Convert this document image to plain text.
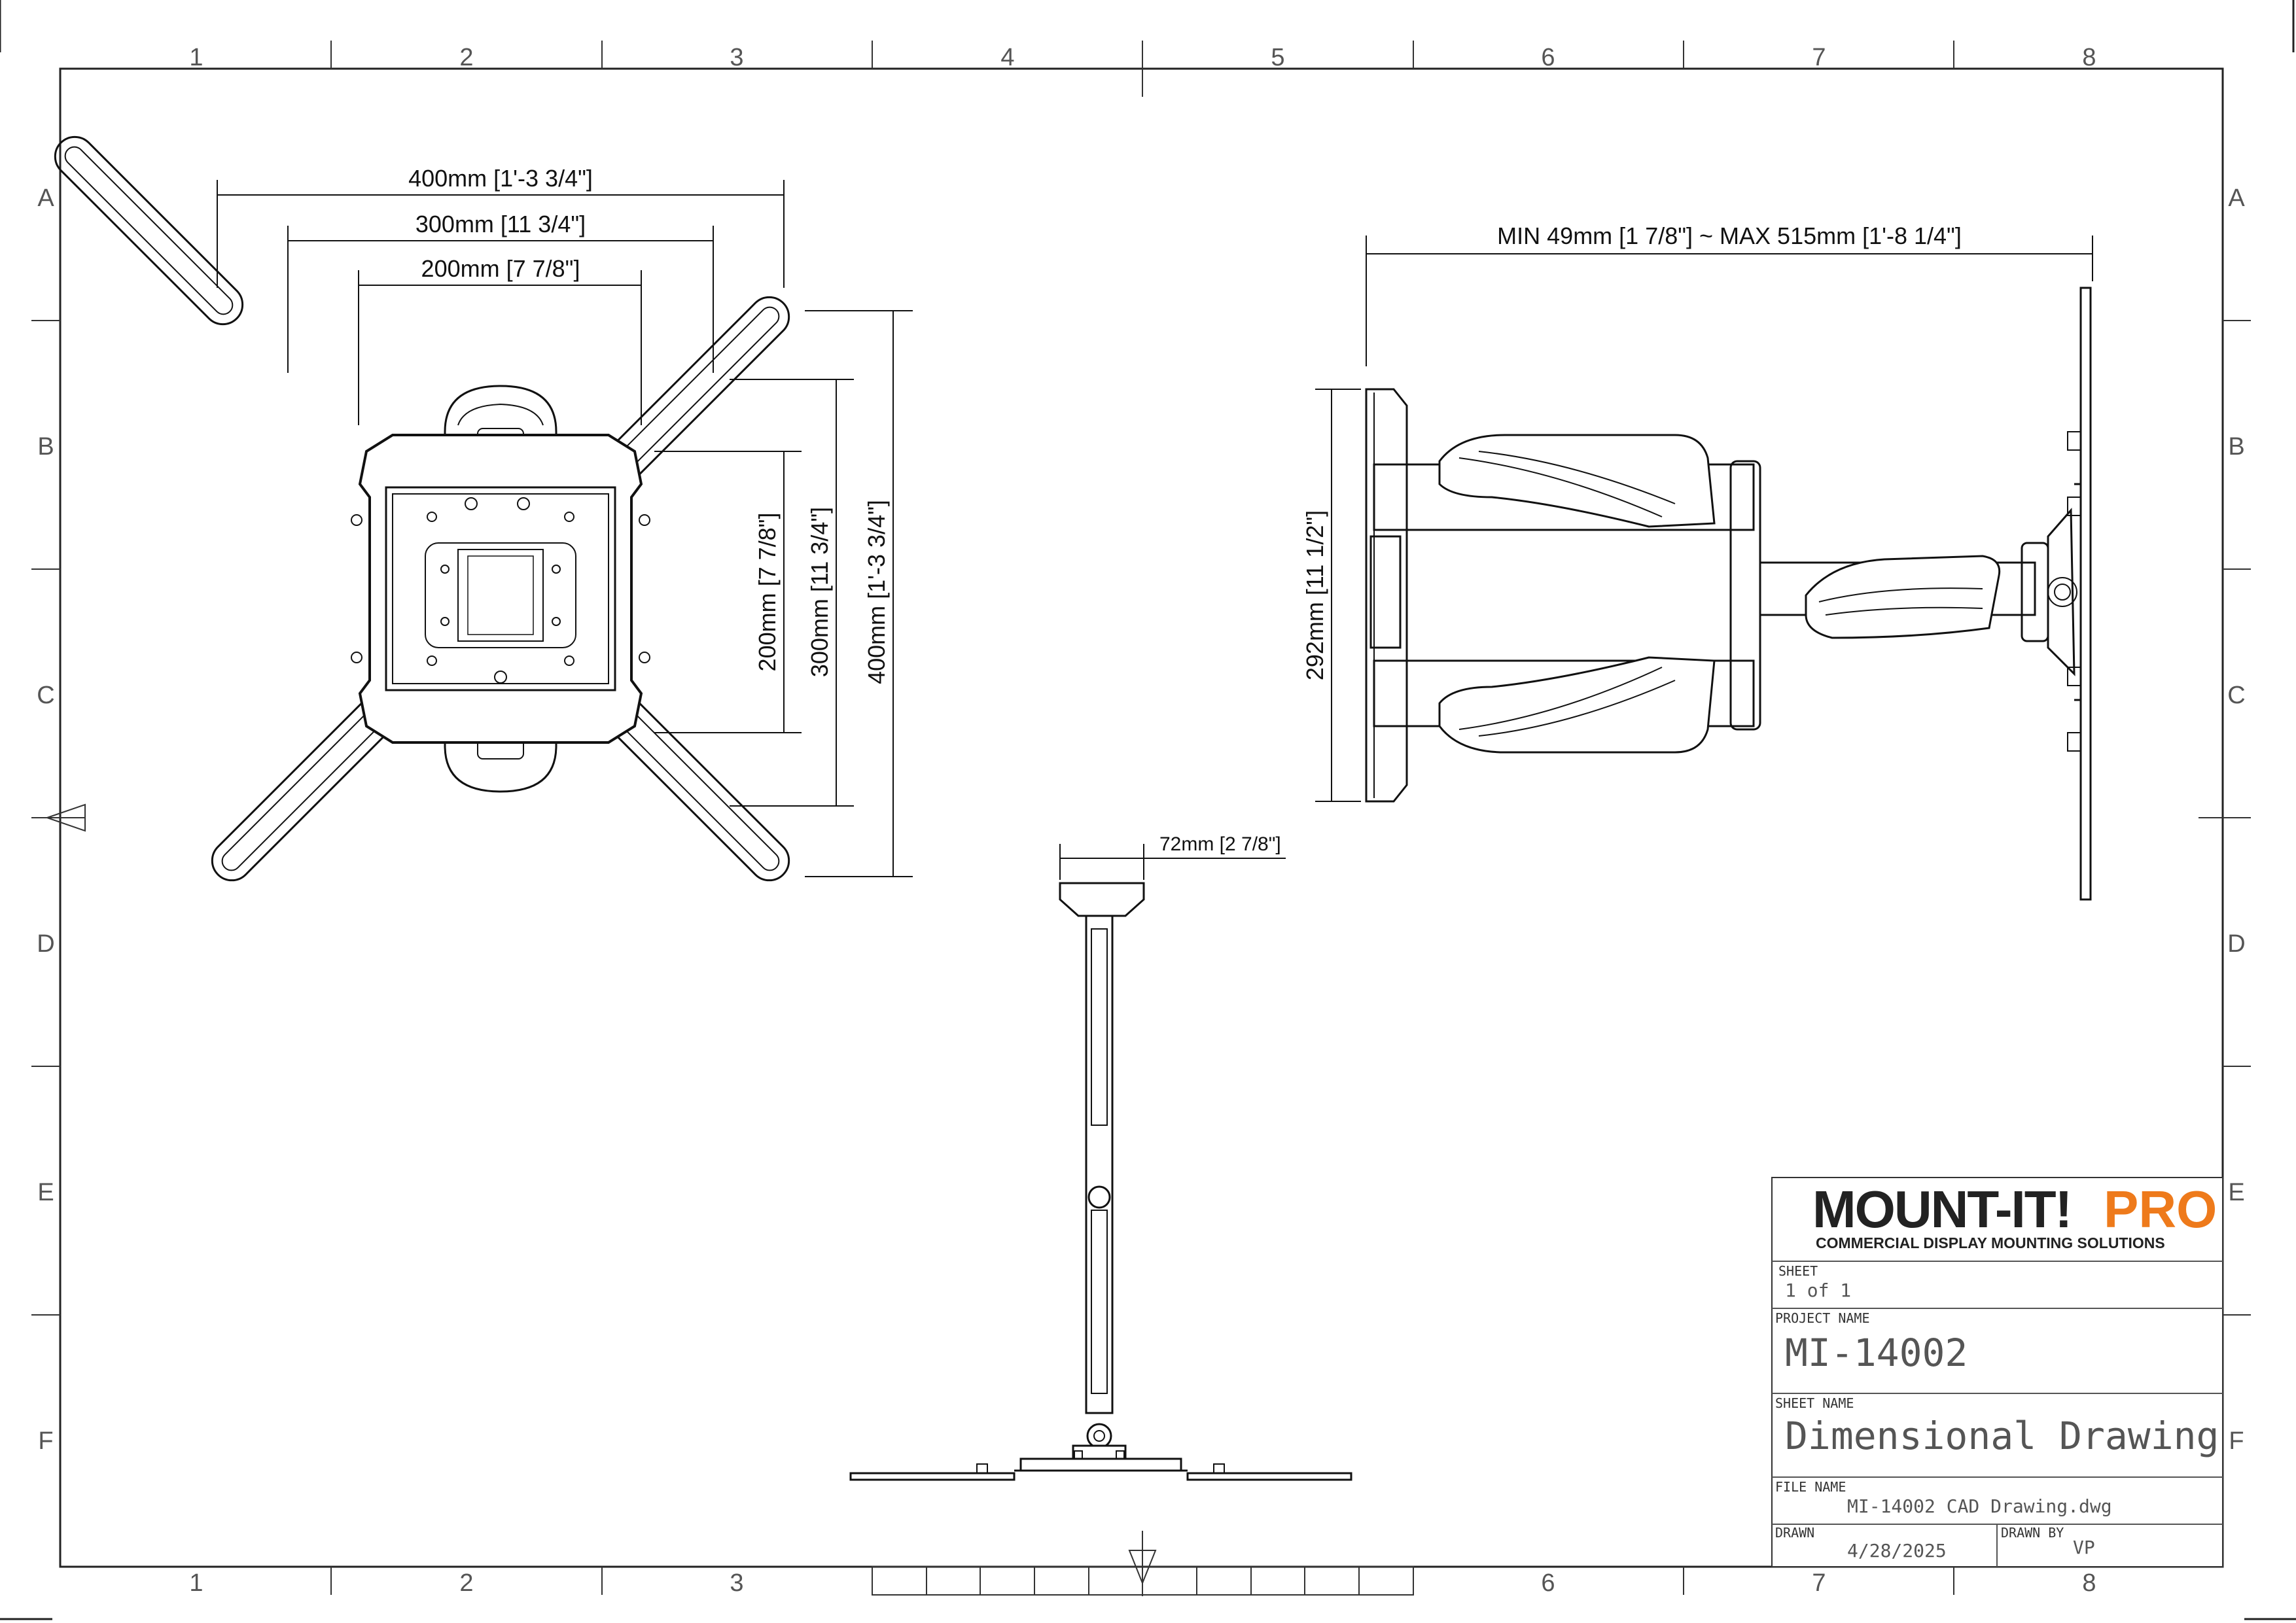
1	2	3	4	5	6	7	8
1	2	3	6	7	8
A
B
C
D
E
F
A
B
C
D
E
F
400mm [1'-3 3/4"]
300mm [11 3/4"]
200mm [7 7/8"]
200mm [7 7/8"] 300mm [11 3/4"] 400mm [1'-3 3/4"]
MIN 49mm [1 7/8"] ~ MAX 515mm [1'-8 1/4"]
292mm [11 1/2"]
72mm [2 7/8"]
MOUNT-IT! PRO
COMMERCIAL DISPLAY MOUNTING SOLUTIONS
SHEET
1 of 1
PROJECT NAME
MI-14002
SHEET NAME
Dimensional Drawing
FILE NAME
MI-14002 CAD Drawing.dwg
DRAWN
4/28/2025
DRAWN BY
VP
